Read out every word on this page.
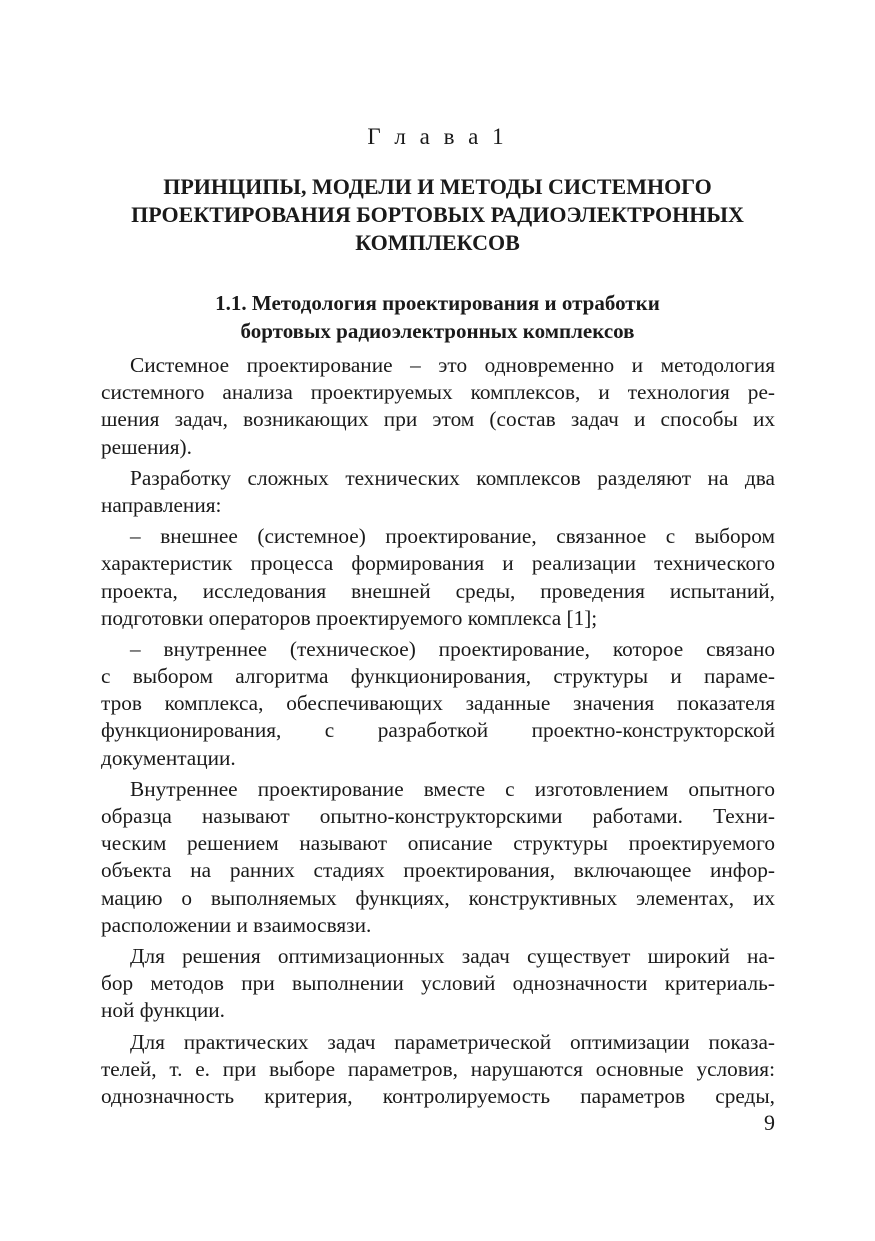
Г л а в а 1
ПРИНЦИПЫ, МОДЕЛИ И МЕТОДЫ СИСТЕМНОГО
ПРОЕКТИРОВАНИЯ БОРТОВЫХ РАДИОЭЛЕКТРОННЫХ
КОМПЛЕКСОВ
1.1. Методология проектирования и отработки
бортовых радиоэлектронных комплексов
Системное проектирование – это одновременно и методология
системного анализа проектируемых комплексов, и технология ре-
шения задач, возникающих при этом (состав задач и способы их
решения).
Разработку сложных технических комплексов разделяют на два
направления:
– внешнее (системное) проектирование, связанное с выбором
характеристик процесса формирования и реализации технического
проекта, исследования внешней среды, проведения испытаний,
подготовки операторов проектируемого комплекса [1];
– внутреннее (техническое) проектирование, которое связано
с выбором алгоритма функционирования, структуры и параме-
тров комплекса, обеспечивающих заданные значения показателя
функционирования, с разработкой проектно-конструкторской
документации.
Внутреннее проектирование вместе с изготовлением опытного
образца называют опытно-конструкторскими работами. Техни-
ческим решением называют описание структуры проектируемого
объекта на ранних стадиях проектирования, включающее инфор-
мацию о выполняемых функциях, конструктивных элементах, их
расположении и взаимосвязи.
Для решения оптимизационных задач существует широкий на-
бор методов при выполнении условий однозначности критериаль-
ной функции.
Для практических задач параметрической оптимизации показа-
телей, т. е. при выборе параметров, нарушаются основные условия:
однозначность критерия, контролируемость параметров среды,
9
